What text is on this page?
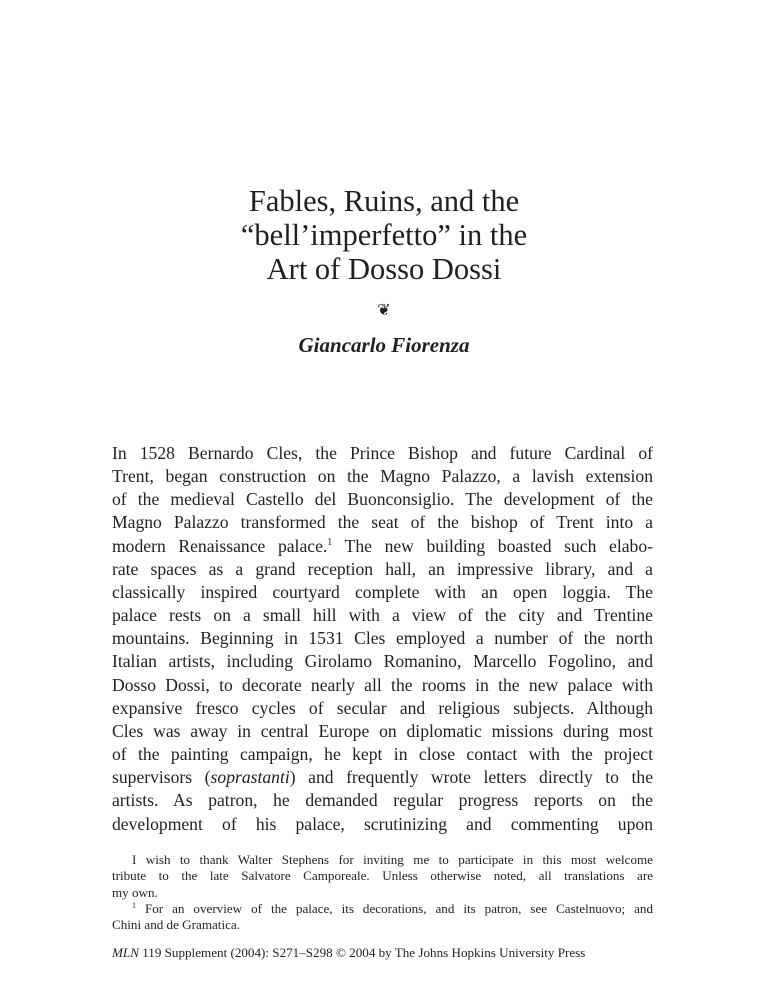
Fables, Ruins, and the
“bell’imperfetto” in the
Art of Dosso Dossi
❦
Giancarlo Fiorenza
In 1528 Bernardo Cles, the Prince Bishop and future Cardinal of
Trent, began construction on the Magno Palazzo, a lavish extension
of the medieval Castello del Buonconsiglio. The development of the
Magno Palazzo transformed the seat of the bishop of Trent into a
modern Renaissance palace.$^1$ The new building boasted such elabo-
rate spaces as a grand reception hall, an impressive library, and a
classically inspired courtyard complete with an open loggia. The
palace rests on a small hill with a view of the city and Trentine
mountains. Beginning in 1531 Cles employed a number of the north
Italian artists, including Girolamo Romanino, Marcello Fogolino, and
Dosso Dossi, to decorate nearly all the rooms in the new palace with
expansive fresco cycles of secular and religious subjects. Although
Cles was away in central Europe on diplomatic missions during most
of the painting campaign, he kept in close contact with the project
supervisors (soprastanti) and frequently wrote letters directly to the
artists. As patron, he demanded regular progress reports on the
development of his palace, scrutinizing and commenting upon
I wish to thank Walter Stephens for inviting me to participate in this most welcome
tribute to the late Salvatore Camporeale. Unless otherwise noted, all translations are
my own.
$^1$ For an overview of the palace, its decorations, and its patron, see Castelnuovo; and
Chini and de Gramatica.
MLN 119 Supplement (2004): S271–S298 © 2004 by The Johns Hopkins University Press
